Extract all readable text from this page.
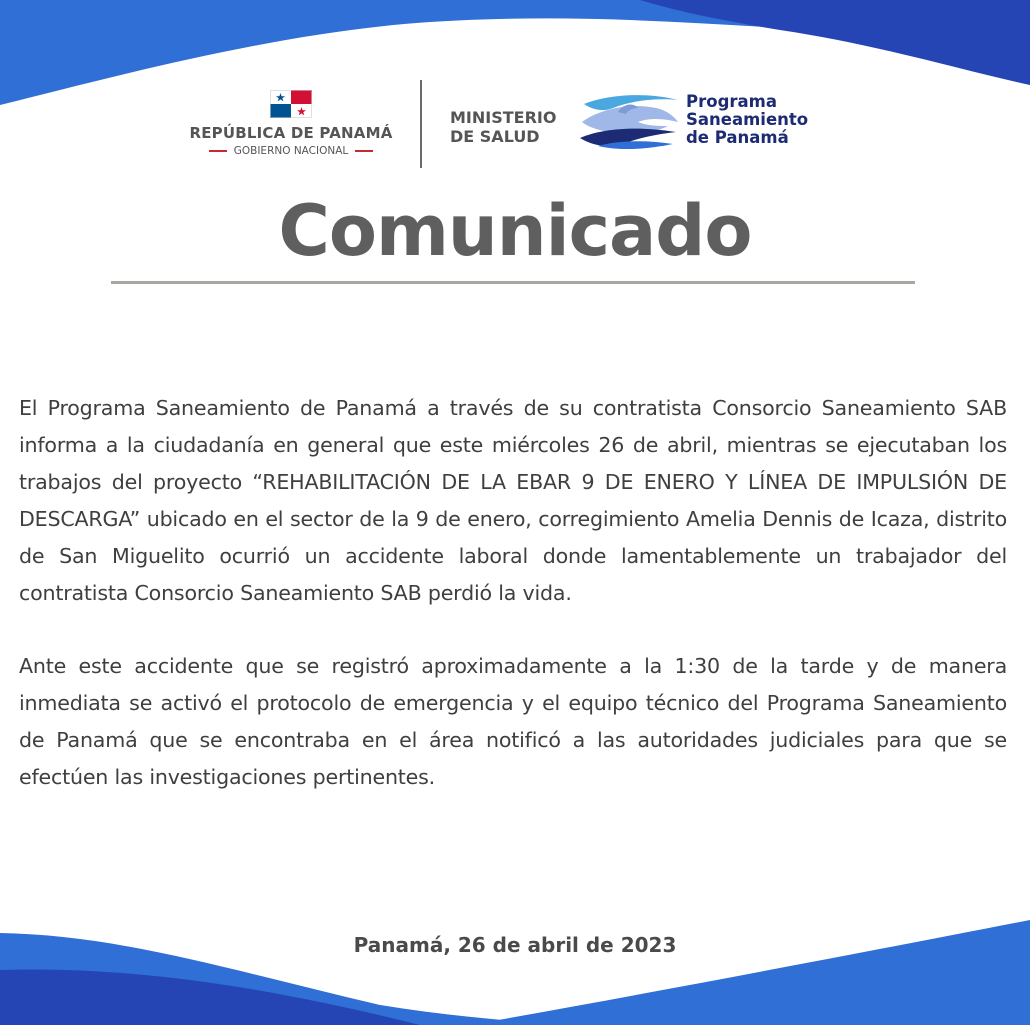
REPÚBLICA DE PANAMÁ
GOBIERNO NACIONAL
MINISTERIO
DE SALUD
Programa
Saneamiento
de Panamá
Comunicado

El Programa Saneamiento de Panamá a través de su contratista Consorcio Saneamiento SAB informa a la ciudadanía en general que este miércoles 26 de abril, mientras se ejecutaban los trabajos del proyecto “REHABILITACIÓN DE LA EBAR 9 DE ENERO Y LÍNEA DE IMPULSIÓN DE DESCARGA” ubicado en el sector de la 9 de enero, corregimiento Amelia Dennis de Icaza, distrito de San Miguelito ocurrió un accidente laboral donde lamentablemente un trabajador del contratista Consorcio Saneamiento SAB perdió la vida.

Ante este accidente que se registró aproximadamente a la 1:30 de la tarde y de manera inmediata se activó el protocolo de emergencia y el equipo técnico del Programa Saneamiento de Panamá que se encontraba en el área notificó a las autoridades judiciales para que se efectúen las investigaciones pertinentes.

Panamá, 26 de abril de 2023
